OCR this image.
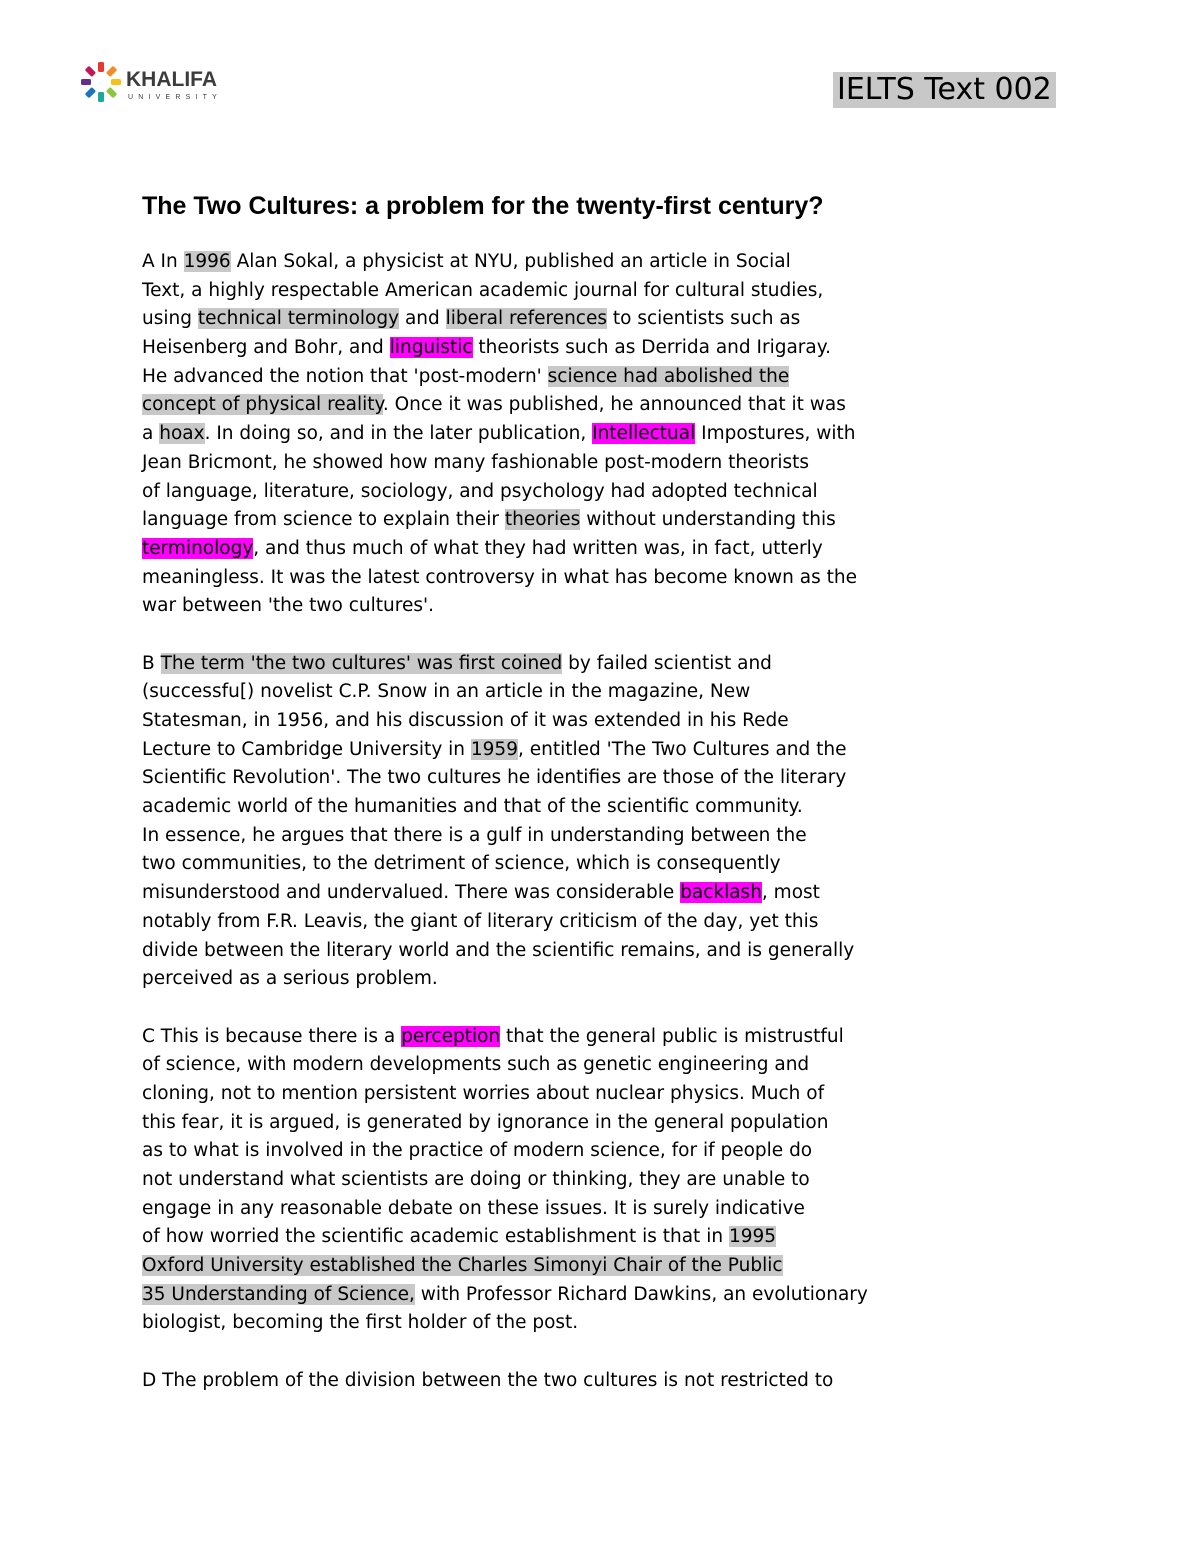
KHALIFA
UNIVERSITY	IELTS Text 002
The Two Cultures: a problem for the twenty-first century?
A In 1996 Alan Sokal, a physicist at NYU, published an article in Social
Text, a highly respectable American academic journal for cultural studies,
using technical terminology and liberal references to scientists such as
Heisenberg and Bohr, and linguistic theorists such as Derrida and Irigaray.
He advanced the notion that 'post-modern' science had abolished the
concept of physical reality. Once it was published, he announced that it was
a hoax. In doing so, and in the later publication, Intellectual Impostures, with
Jean Bricmont, he showed how many fashionable post-modern theorists
of language, literature, sociology, and psychology had adopted technical
language from science to explain their theories without understanding this
terminology, and thus much of what they had written was, in fact, utterly
meaningless. It was the latest controversy in what has become known as the
war between 'the two cultures'.
B The term 'the two cultures' was first coined by failed scientist and
(successfu[) novelist C.P. Snow in an article in the magazine, New
Statesman, in 1956, and his discussion of it was extended in his Rede
Lecture to Cambridge University in 1959, entitled 'The Two Cultures and the
Scientific Revolution'. The two cultures he identifies are those of the literary
academic world of the humanities and that of the scientific community.
In essence, he argues that there is a gulf in understanding between the
two communities, to the detriment of science, which is consequently
misunderstood and undervalued. There was considerable backlash, most
notably from F.R. Leavis, the giant of literary criticism of the day, yet this
divide between the literary world and the scientific remains, and is generally
perceived as a serious problem.
C This is because there is a perception that the general public is mistrustful
of science, with modern developments such as genetic engineering and
cloning, not to mention persistent worries about nuclear physics. Much of
this fear, it is argued, is generated by ignorance in the general population
as to what is involved in the practice of modern science, for if people do
not understand what scientists are doing or thinking, they are unable to
engage in any reasonable debate on these issues. It is surely indicative
of how worried the scientific academic establishment is that in 1995
Oxford University established the Charles Simonyi Chair of the Public
35 Understanding of Science, with Professor Richard Dawkins, an evolutionary
biologist, becoming the first holder of the post.
D The problem of the division between the two cultures is not restricted to
